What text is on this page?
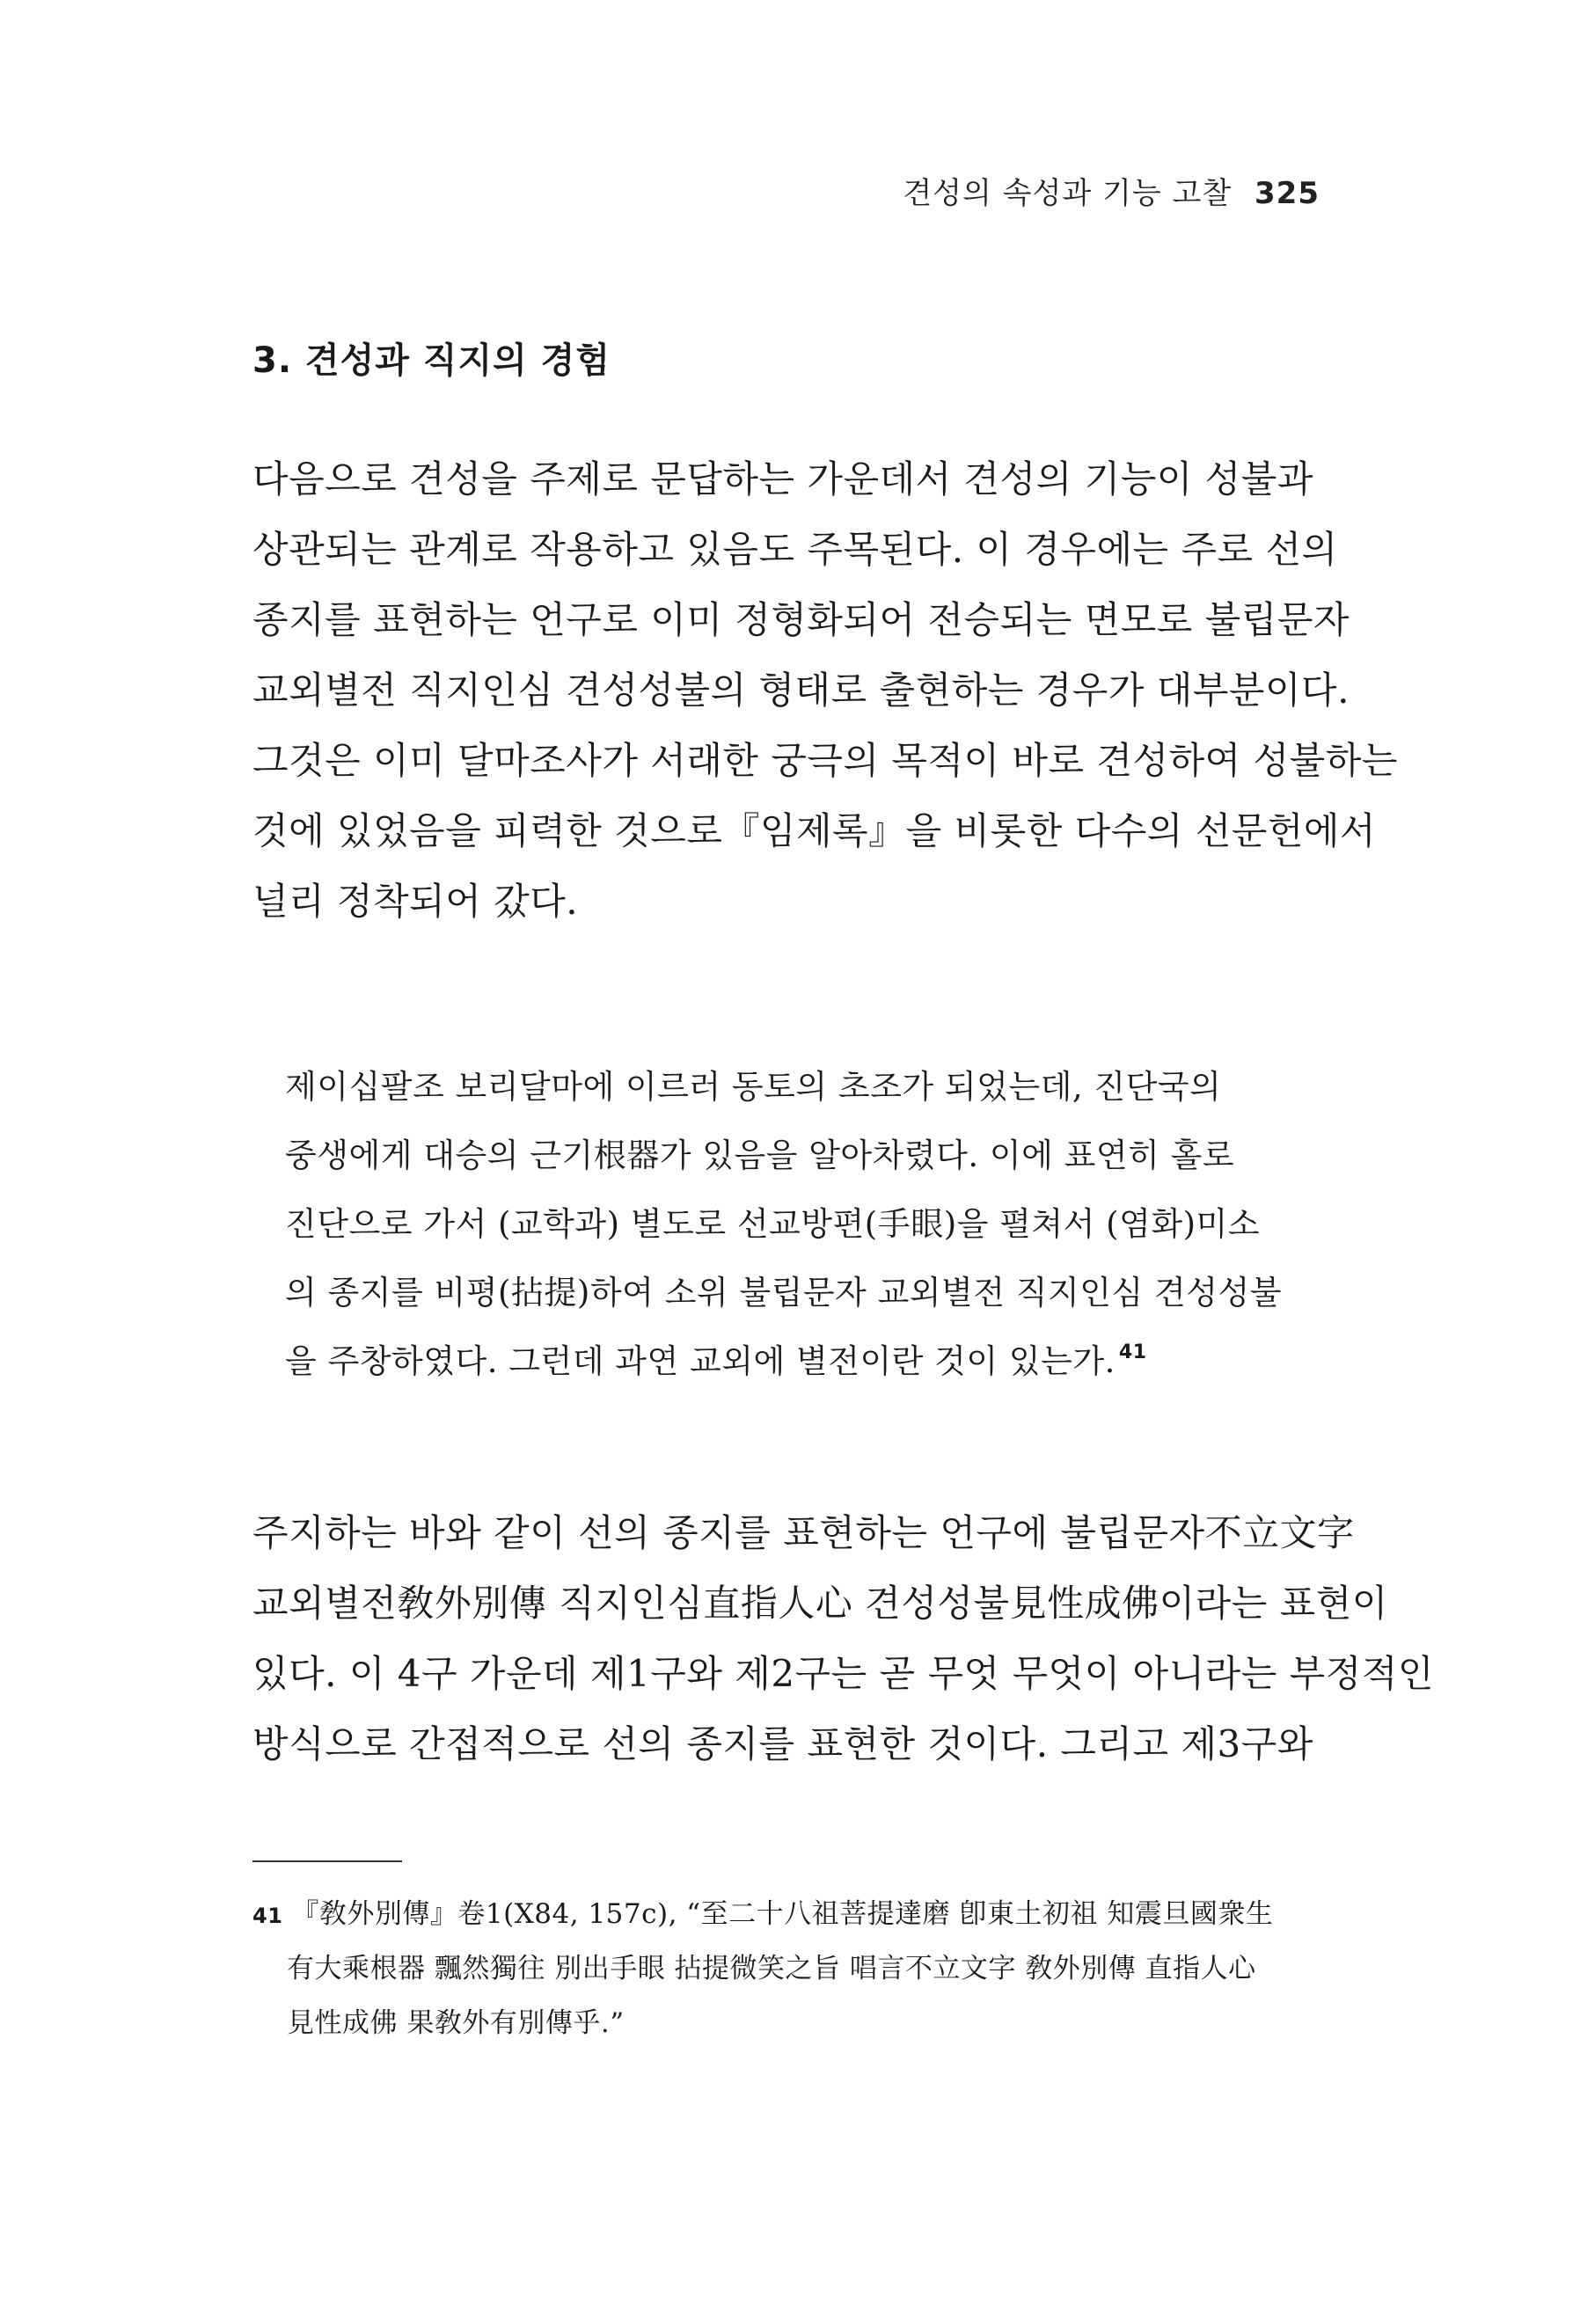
견성의 속성과 기능 고찰 325
3. 견성과 직지의 경험
다음으로 견성을 주제로 문답하는 가운데서 견성의 기능이 성불과
상관되는 관계로 작용하고 있음도 주목된다. 이 경우에는 주로 선의
종지를 표현하는 언구로 이미 정형화되어 전승되는 면모로 불립문자
교외별전 직지인심 견성성불의 형태로 출현하는 경우가 대부분이다.
그것은 이미 달마조사가 서래한 궁극의 목적이 바로 견성하여 성불하는
것에 있었음을 피력한 것으로『임제록』을 비롯한 다수의 선문헌에서
널리 정착되어 갔다.
제이십팔조 보리달마에 이르러 동토의 초조가 되었는데, 진단국의
중생에게 대승의 근기根器가 있음을 알아차렸다. 이에 표연히 홀로
진단으로 가서 (교학과) 별도로 선교방편(手眼)을 펼쳐서 (염화)미소
의 종지를 비평(拈提)하여 소위 불립문자 교외별전 직지인심 견성성불
을 주창하였다. 그런데 과연 교외에 별전이란 것이 있는가. $^{41}$
주지하는 바와 같이 선의 종지를 표현하는 언구에 불립문자不立文字
교외별전敎外別傳 직지인심直指人心 견성성불見性成佛이라는 표현이
있다. 이 4구 가운데 제1구와 제2구는 곧 무엇 무엇이 아니라는 부정적인
방식으로 간접적으로 선의 종지를 표현한 것이다. 그리고 제3구와
41 『敎外別傳』卷1(X84, 157c), “至二十八祖菩提達磨 卽東土初祖 知震旦國衆生
有大乘根器 飄然獨往 別出手眼 拈提微笑之旨 唱言不立文字 敎外別傳 直指人心
見性成佛 果敎外有別傳乎.”
